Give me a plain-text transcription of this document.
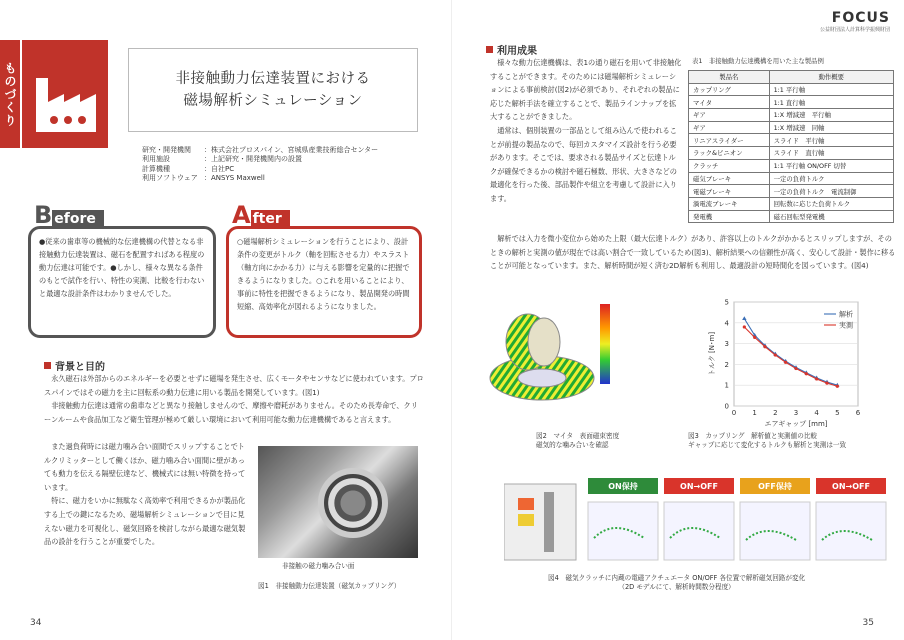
ものづくり	非接触動力伝達装置における
磁場解析シミュレーション
研究・開発機関	：株式会社プロスパイン、宮城県産業技術総合センター
利用施設	：上記研究・開発機関内の設置
計算機種	：自社PC
利用ソフトウェア ：ANSYS Maxwell
B efore
●従来の歯車等の機械的な伝達機構の代替となる非接触動力伝達装置は、磁石を配置すればある程度の動力伝達は可能です。●しかし、様々な異なる条件のもとで試作を行い、特性の実測、比較を行わないと最適な設計条件はわかりませんでした。
A fter
○磁場解析シミュレーションを行うことにより、設計条件の変更がトルク（軸を回転させる力）やスラスト（軸方向にかかる力）に与える影響を定量的に把握できるようになりました。○これを用いることにより、事前に特性を把握できるようになり、製品開発の時間短縮、高効率化が図れるようになりました。
背景と目的

永久磁石は外部からのエネルギーを必要とせずに磁場を発生させ、広くモータやセンサなどに使われています。プロスパインではその磁力を主に回転系の動力伝達に用いる製品を開発しています。(図1)

非接触動力伝達は通常の歯車などと異なり接触しませんので、摩擦や磨耗がありません。そのため長寿命で、クリーンルームや食品加工など衛生管理が極めて厳しい環境において利用可能な動力伝達機構であると言えます。

また過負荷時には磁力噛み合い面間でスリップすることでトルクリミッターとして働くほか、磁力噛み合い面間に壁があっても動力を伝える隔壁伝達など、機械式には無い特徴を持っています。

特に、磁力をいかに無駄なく高効率で利用できるかが製品化する上での鍵になるため、磁場解析シミュレーションで目に見えない磁力を可視化し、磁気回路を検討しながら最適な磁気製品の設計を行うことが重要でした。

非接触の磁力噛み合い面
図1　非接触動力伝達装置（磁気カップリング）
34
FOCUS
公益財団法人計算科学振興財団
利用成果

様々な動力伝達機構は、表1の通り磁石を用いて非接触化することができます。そのためには磁場解析シミュレーションによる事前検討(図2)が必須であり、それぞれの製品に応じた解析手法を確立することで、製品ラインナップを拡大することができました。

通常は、個別装置の一部品として組み込んで使われることが前提の製品なので、毎回カスタマイズ設計を行う必要があります。そこでは、要求される製品サイズと伝達トルクが確保できるかの検討や磁石極数、形状、大きさなどの最適化を行った後、部品製作や組立を考慮して設計に入ります。

解析では入力を微小変位から始めた上限（最大伝達トルク）があり、許容以上のトルクがかかるとスリップしますが、そのときの解析と実測の値が現在では高い割合で一致しているため(図3)、解析結果への信頼性が高く、安心して設計・製作に移ることが可能となっています。また、解析時間が短く済む2D解析も利用し、最適設計の短時間化を図っています。(図4)

表1　非接触動力伝達機構を用いた主な製品例
製品名	動作概要
カップリング	1:1 平行軸
マイタ	1:1 直行軸
ギア	1:X 増減速　平行軸
ギア	1:X 増減速　同軸
リニアスライダー	スライド　平行軸
ラック&ピニオン	スライド　直行軸
クラッチ	1:1 平行軸 ON/OFF 切替
磁気ブレーキ	一定の負荷トルク
電磁ブレーキ	一定の負荷トルク　電流制御
渦電流ブレーキ	回転数に応じた負荷トルク
発電機	磁石回転型発電機
図2　マイタ　表面磁束密度
磁気的な噛み合いを確認
0
1
2
3
4
5
0 1 2 3 4 5 6
エアギャップ [mm]
トルク [N･m]
解析
実測
図3　カップリング　解析値と実測値の比較
ギャップに応じて変化するトルクも解析と実測は一致
ON保持	ON→OFF	OFF保持	ON→OFF
図4　磁気クラッチに内蔵の電磁アクチュエータ ON/OFF 各位置で解析磁気回路が変化
（2D モデルにて、解析時間数分程度）
35
